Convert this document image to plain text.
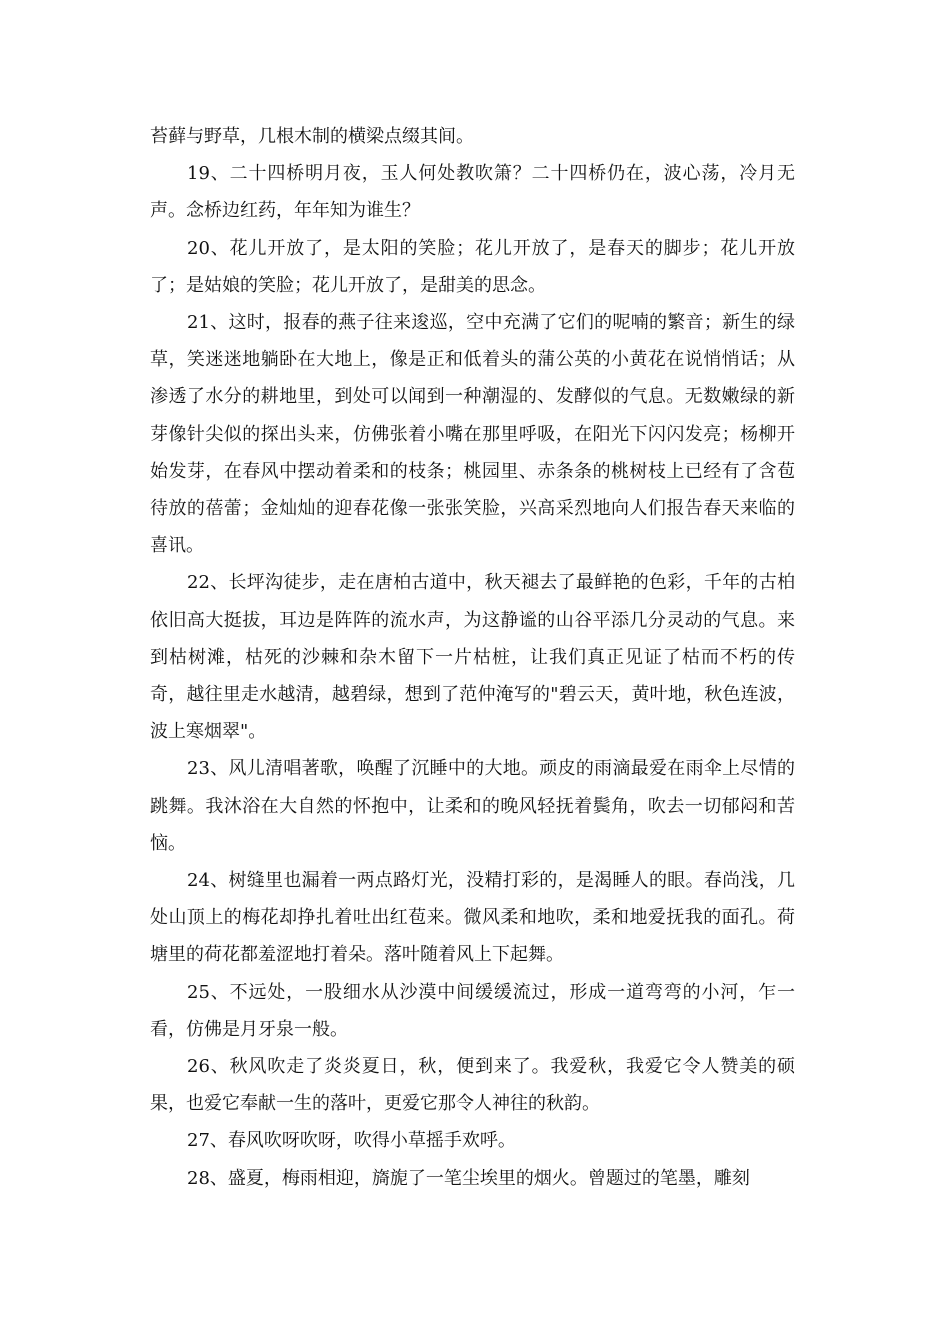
苔藓与野草，几根木制的横梁点缀其间。

19、二十四桥明月夜，玉人何处教吹箫？二十四桥仍在，波心荡，冷月无声。念桥边红药，年年知为谁生？

20、花儿开放了，是太阳的笑脸；花儿开放了，是春天的脚步；花儿开放了；是姑娘的笑脸；花儿开放了，是甜美的思念。

21、这时，报春的燕子往来逡巡，空中充满了它们的呢喃的繁音；新生的绿草，笑迷迷地躺卧在大地上，像是正和低着头的蒲公英的小黄花在说悄悄话；从渗透了水分的耕地里，到处可以闻到一种潮湿的、发酵似的气息。无数嫩绿的新芽像针尖似的探出头来，仿佛张着小嘴在那里呼吸，在阳光下闪闪发亮；杨柳开始发芽，在春风中摆动着柔和的枝条；桃园里、赤条条的桃树枝上已经有了含苞待放的蓓蕾；金灿灿的迎春花像一张张笑脸，兴高采烈地向人们报告春天来临的喜讯。

22、长坪沟徒步，走在唐柏古道中，秋天褪去了最鲜艳的色彩，千年的古柏依旧高大挺拔，耳边是阵阵的流水声，为这静谧的山谷平添几分灵动的气息。来到枯树滩，枯死的沙棘和杂木留下一片枯桩，让我们真正见证了枯而不朽的传奇，越往里走水越清，越碧绿，想到了范仲淹写的"碧云天，黄叶地，秋色连波，波上寒烟翠"。

23、风儿清唱著歌，唤醒了沉睡中的大地。顽皮的雨滴最爱在雨伞上尽情的跳舞。我沐浴在大自然的怀抱中，让柔和的晚风轻抚着鬓角，吹去一切郁闷和苦恼。

24、树缝里也漏着一两点路灯光，没精打彩的，是渴睡人的眼。春尚浅，几处山顶上的梅花却挣扎着吐出红苞来。微风柔和地吹，柔和地爱抚我的面孔。荷塘里的荷花都羞涩地打着朵。落叶随着风上下起舞。

25、不远处，一股细水从沙漠中间缓缓流过，形成一道弯弯的小河，乍一看，仿佛是月牙泉一般。

26、秋风吹走了炎炎夏日，秋，便到来了。我爱秋，我爱它令人赞美的硕果，也爱它奉献一生的落叶，更爱它那令人神往的秋韵。

27、春风吹呀吹呀，吹得小草摇手欢呼。

28、盛夏，梅雨相迎，旖旎了一笔尘埃里的烟火。曾题过的笔墨，雕刻
